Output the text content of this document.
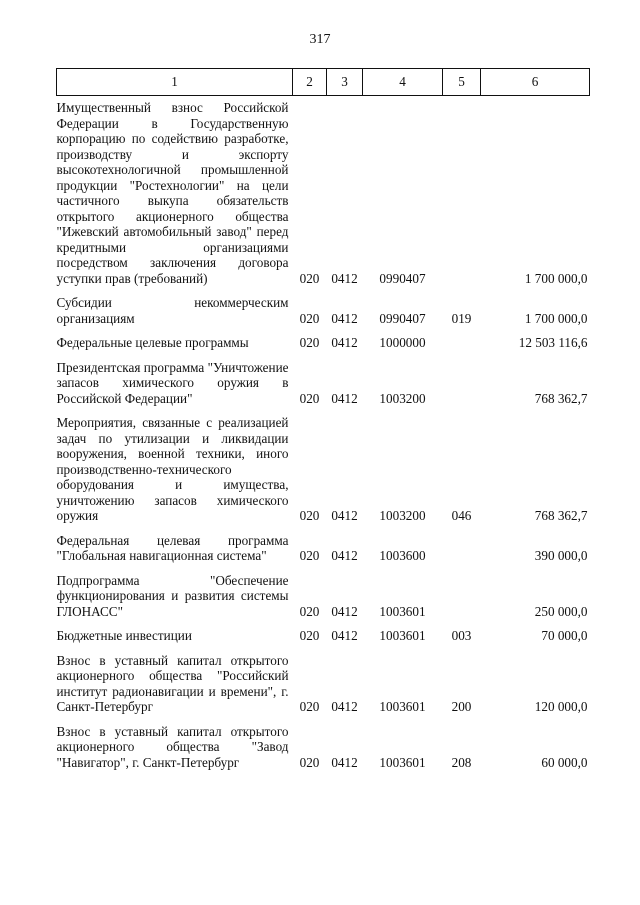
317
1	2	3	4	5	6
Имущественный взнос Российской Федерации в Государственную корпорацию по содействию разработке, производству и экспорту высокотехнологичной промышленной продукции "Ростехнологии" на цели частичного выкупа обязательств открытого акционерного общества "Ижевский автомобильный завод" перед кредитными организациями посредством заключения договора уступки прав (требований)	020	0412	0990407		1 700 000,0
Субсидии некоммерческим организациям	020	0412	0990407	019	1 700 000,0
Федеральные целевые программы	020	0412	1000000		12 503 116,6
Президентская программа "Уничтожение запасов химического оружия в Российской Федерации"	020	0412	1003200		768 362,7
Мероприятия, связанные с реализацией задач по утилизации и ликвидации вооружения, военной техники, иного производственно-технического оборудования и имущества, уничтожению запасов химического оружия	020	0412	1003200	046	768 362,7
Федеральная целевая программа "Глобальная навигационная система"	020	0412	1003600		390 000,0
Подпрограмма "Обеспечение функционирования и развития системы ГЛОНАСС"	020	0412	1003601		250 000,0
Бюджетные инвестиции	020	0412	1003601	003	70 000,0
Взнос в уставный капитал открытого акционерного общества "Российский институт радионавигации и времени", г. Санкт-Петербург	020	0412	1003601	200	120 000,0
Взнос в уставный капитал открытого акционерного общества "Завод "Навигатор", г. Санкт-Петербург	020	0412	1003601	208	60 000,0
